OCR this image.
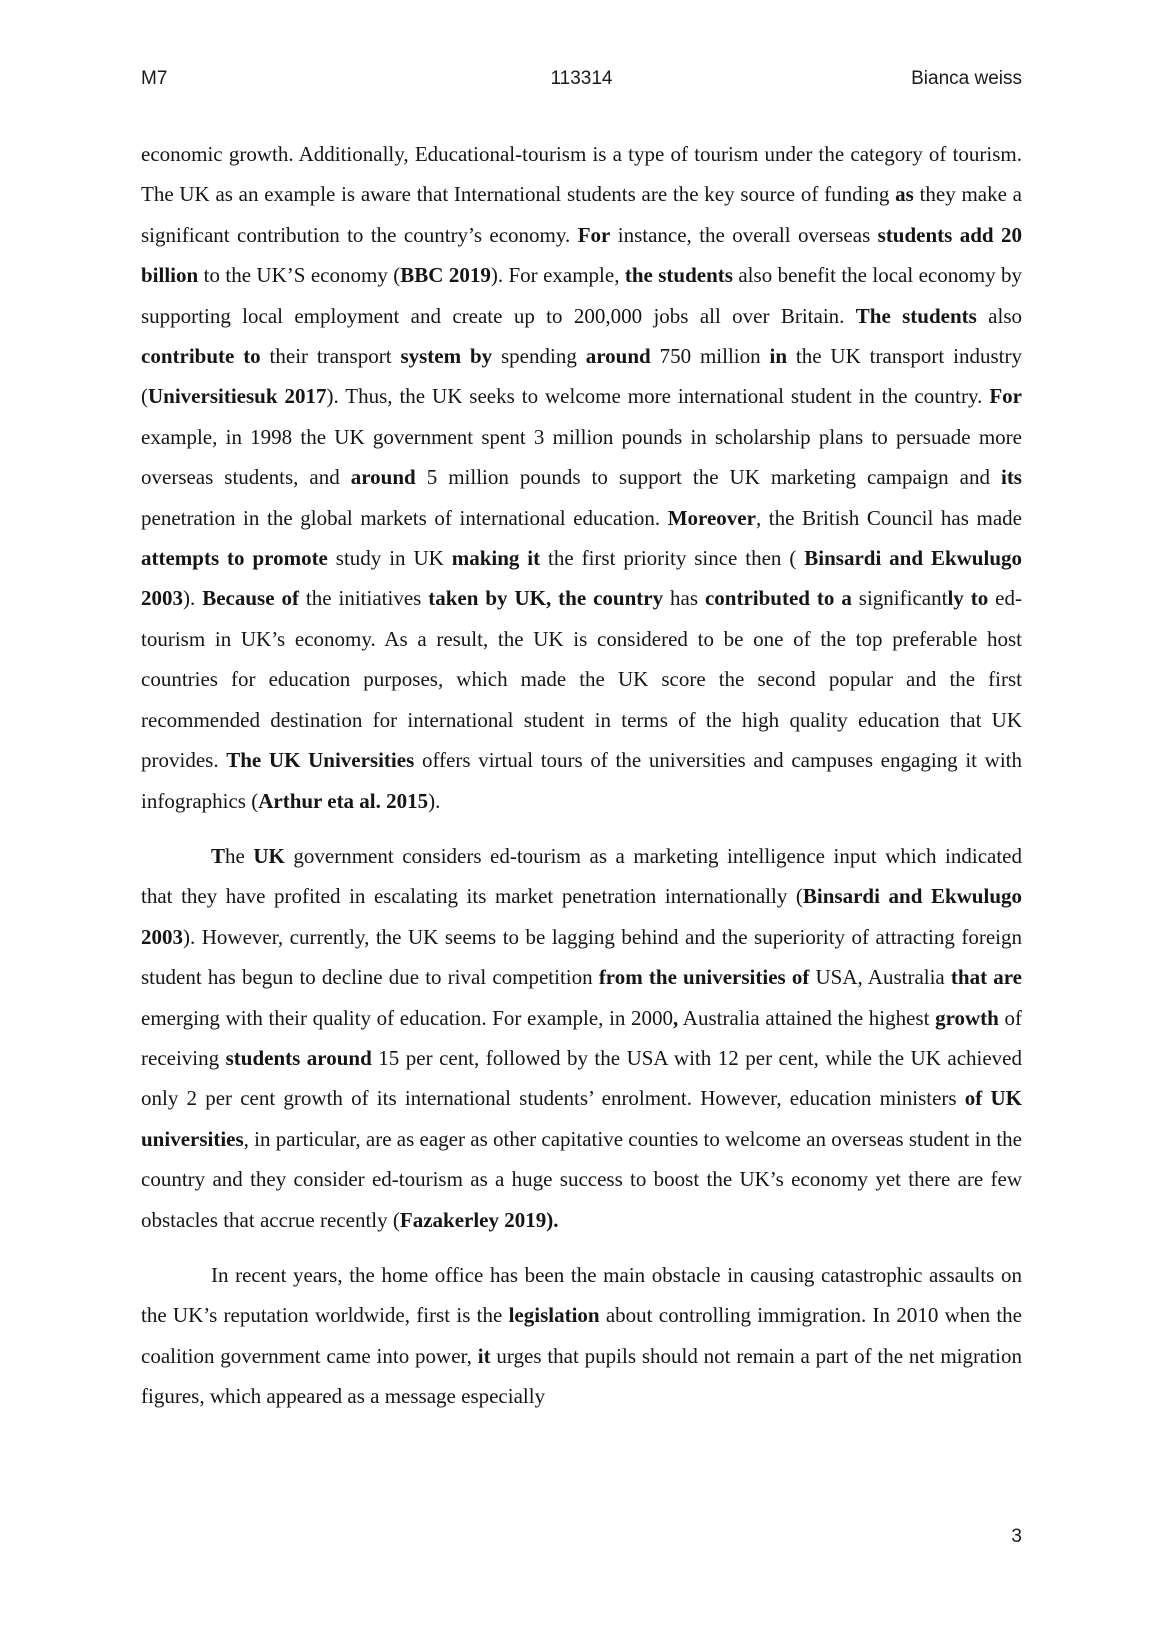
M7	113314	Bianca weiss

economic growth. Additionally, Educational-tourism is a type of tourism under the category of tourism. The UK as an example is aware that International students are the key source of funding as they make a significant contribution to the country’s economy. For instance, the overall overseas students add 20 billion to the UK’S economy (BBC 2019). For example, the students also benefit the local economy by supporting local employment and create up to 200,000 jobs all over Britain. The students also contribute to their transport system by spending around 750 million in the UK transport industry (Universitiesuk 2017). Thus, the UK seeks to welcome more international student in the country. For example, in 1998 the UK government spent 3 million pounds in scholarship plans to persuade more overseas students, and around 5 million pounds to support the UK marketing campaign and its penetration in the global markets of international education. Moreover, the British Council has made attempts to promote study in UK making it the first priority since then ( Binsardi and Ekwulugo 2003). Because of the initiatives taken by UK, the country has contributed to a significantly to ed-tourism in UK’s economy. As a result, the UK is considered to be one of the top preferable host countries for education purposes, which made the UK score the second popular and the first recommended destination for international student in terms of the high quality education that UK provides. The UK Universities offers virtual tours of the universities and campuses engaging it with infographics (Arthur eta al. 2015).

The UK government considers ed-tourism as a marketing intelligence input which indicated that they have profited in escalating its market penetration internationally (Binsardi and Ekwulugo 2003). However, currently, the UK seems to be lagging behind and the superiority of attracting foreign student has begun to decline due to rival competition from the universities of USA, Australia that are emerging with their quality of education. For example, in 2000, Australia attained the highest growth of receiving students around 15 per cent, followed by the USA with 12 per cent, while the UK achieved only 2 per cent growth of its international students’ enrolment. However, education ministers of UK universities, in particular, are as eager as other capitative counties to welcome an overseas student in the country and they consider ed-tourism as a huge success to boost the UK’s economy yet there are few obstacles that accrue recently (Fazakerley 2019).

In recent years, the home office has been the main obstacle in causing catastrophic assaults on the UK’s reputation worldwide, first is the legislation about controlling immigration. In 2010 when the coalition government came into power, it urges that pupils should not remain a part of the net migration figures, which appeared as a message especially

3
